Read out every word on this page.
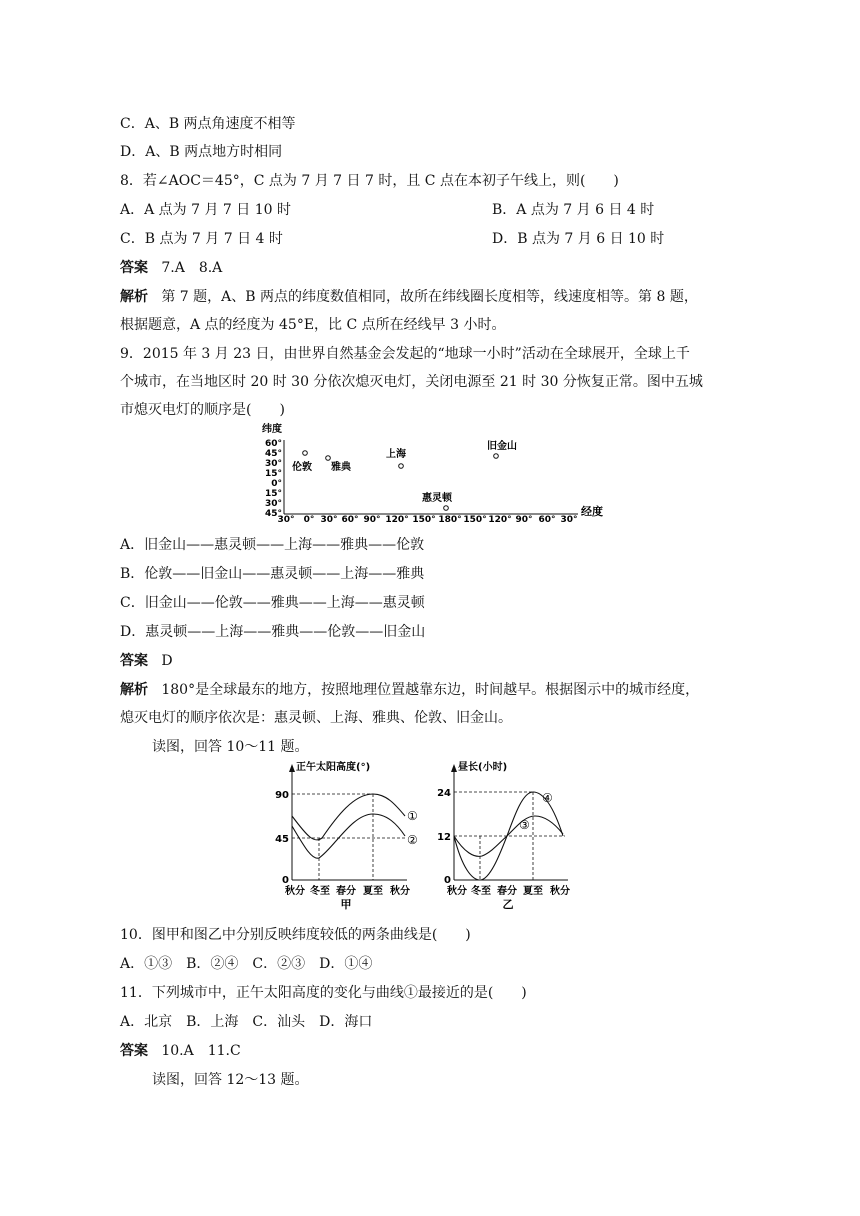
C．A、B 两点角速度不相等
D．A、B 两点地方时相同
8．若∠AOC＝45°，C 点为 7 月 7 日 7 时，且 C 点在本初子午线上，则(　　)
A．A 点为 7 月 7 日 10 时	B．A 点为 7 月 6 日 4 时
C．B 点为 7 月 7 日 4 时	D．B 点为 7 月 6 日 10 时
答案 7.A　8.A
解析 第 7 题，A、B 两点的纬度数值相同，故所在纬线圈长度相等，线速度相等。第 8 题，
根据题意，A 点的经度为 45°E，比 C 点所在经线早 3 小时。
9．2015 年 3 月 23 日，由世界自然基金会发起的“地球一小时”活动在全球展开，全球上千
个城市，在当地区时 20 时 30 分依次熄灭电灯，关闭电源至 21 时 30 分恢复正常。图中五城
市熄灭电灯的顺序是(　　)
纬度
60°
45°
30°
15°
0°
15°
30°
45°
30° 0° 30° 60° 90° 120° 150° 180° 150° 120° 90° 60° 30°
经度
伦敦 雅典
上海
旧金山
惠灵顿
A．旧金山——惠灵顿——上海——雅典——伦敦
B．伦敦——旧金山——惠灵顿——上海——雅典
C．旧金山——伦敦——雅典——上海——惠灵顿
D．惠灵顿——上海——雅典——伦敦——旧金山
答案 D
解析 180°是全球最东的地方，按照地理位置越靠东边，时间越早。根据图示中的城市经度，
熄灭电灯的顺序依次是：惠灵顿、上海、雅典、伦敦、旧金山。
读图，回答 10～11 题。
正午太阳高度(°)
90
45
0
①
②
秋分 冬至 春分 夏至 秋分
甲
昼长(小时)
24
12
0
④
③
秋分 冬至 春分 夏至 秋分
乙
10．图甲和图乙中分别反映纬度较低的两条曲线是(　　)
A．①③　B．②④　C．②③　D．①④
11．下列城市中，正午太阳高度的变化与曲线①最接近的是(　　)
A．北京　B．上海　C．汕头　D．海口
答案 10.A　11.C
读图，回答 12～13 题。
